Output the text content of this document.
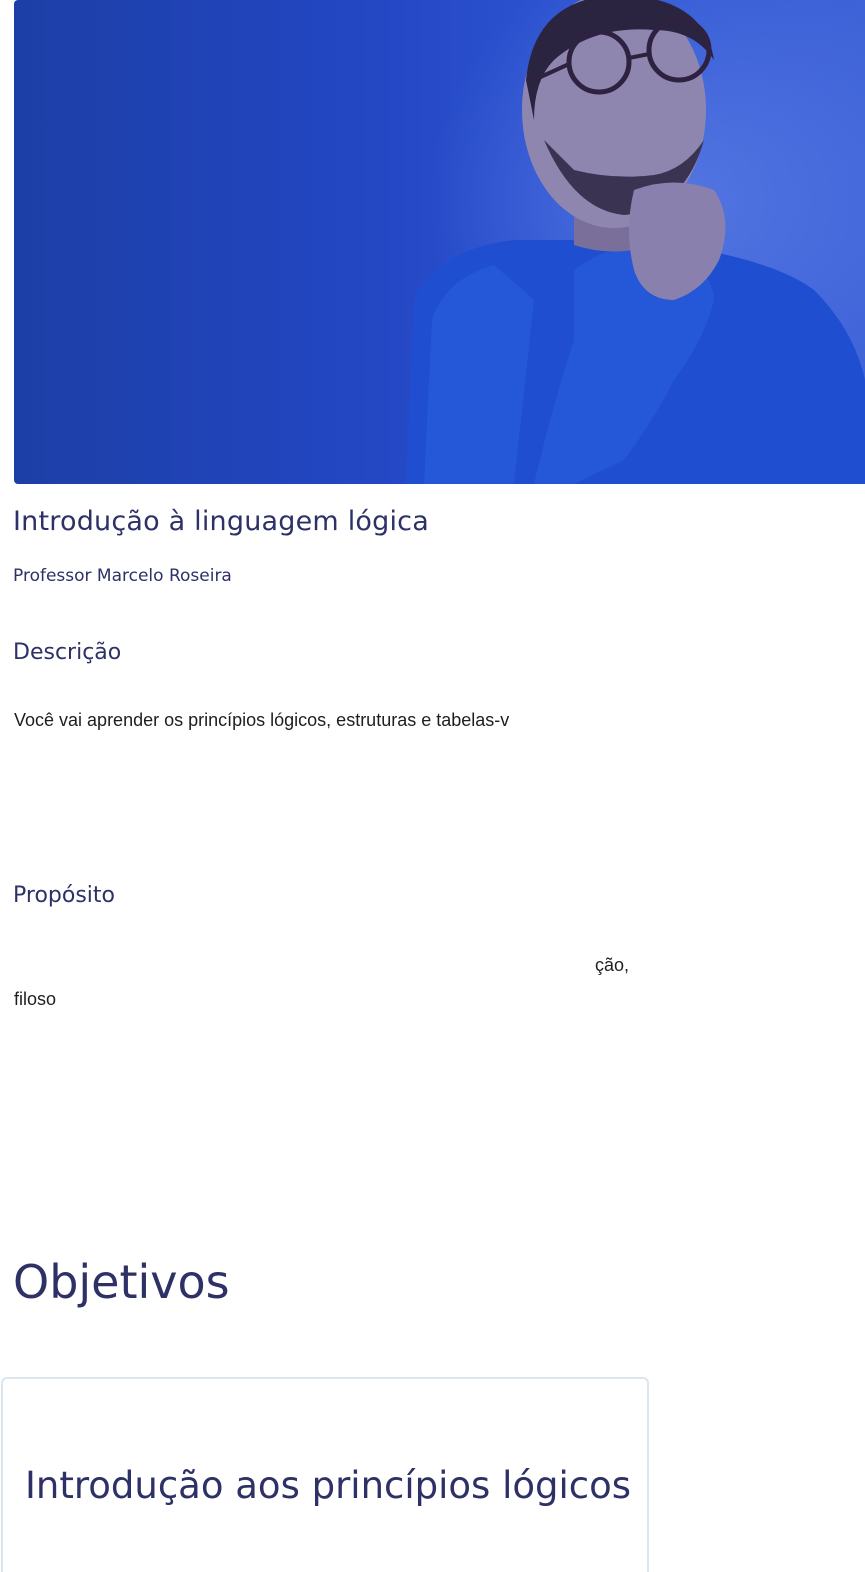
Introdução à linguagem lógica

Professor Marcelo Roseira

Descrição

Você vai aprender os princípios lógicos, estruturas e tabelas-v

Propósito

ção,

filoso

Objetivos
Introdução aos princípios lógicos
